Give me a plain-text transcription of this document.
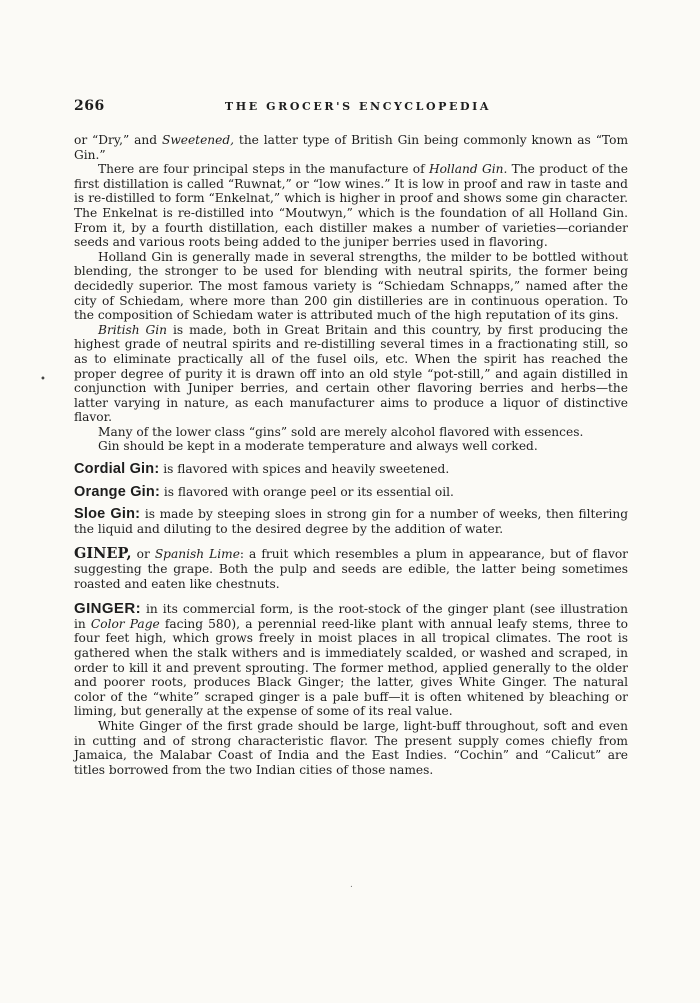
266	THE GROCER'S ENCYCLOPEDIA
•

or “Dry,” and Sweetened, the latter type of British Gin being commonly known as “Tom Gin.”

There are four principal steps in the manufacture of Holland Gin. The product of the first distillation is called “Ruwnat,” or “low wines.” It is low in proof and raw in taste and is re-distilled to form “Enkelnat,” which is higher in proof and shows some gin character. The Enkelnat is re-distilled into “Moutwyn,” which is the foundation of all Holland Gin. From it, by a fourth distillation, each distiller makes a number of varieties—coriander seeds and various roots being added to the juniper berries used in flavoring.

Holland Gin is generally made in several strengths, the milder to be bottled without blending, the stronger to be used for blending with neutral spirits, the former being decidedly superior. The most famous variety is “Schiedam Schnapps,” named after the city of Schiedam, where more than 200 gin distilleries are in continuous operation. To the composition of Schiedam water is attributed much of the high reputation of its gins.

British Gin is made, both in Great Britain and this country, by first producing the highest grade of neutral spirits and re-distilling several times in a fractionating still, so as to eliminate practically all of the fusel oils, etc. When the spirit has reached the proper degree of purity it is drawn off into an old style “pot-still,” and again distilled in conjunction with Juniper berries, and certain other flavoring berries and herbs—the latter varying in nature, as each manufacturer aims to produce a liquor of distinctive flavor.

Many of the lower class “gins” sold are merely alcohol flavored with essences.

Gin should be kept in a moderate temperature and always well corked.

Cordial Gin: is flavored with spices and heavily sweetened.

Orange Gin: is flavored with orange peel or its essential oil.

Sloe Gin: is made by steeping sloes in strong gin for a number of weeks, then filtering the liquid and diluting to the desired degree by the addition of water.

GINEP, or Spanish Lime: a fruit which resembles a plum in appearance, but of flavor suggesting the grape. Both the pulp and seeds are edible, the latter being sometimes roasted and eaten like chestnuts.

GINGER: in its commercial form, is the root-stock of the ginger plant (see illustration in Color Page facing 580), a perennial reed-like plant with annual leafy stems, three to four feet high, which grows freely in moist places in all tropical climates. The root is gathered when the stalk withers and is immediately scalded, or washed and scraped, in order to kill it and prevent sprouting. The former method, applied generally to the older and poorer roots, produces Black Ginger; the latter, gives White Ginger. The natural color of the “white” scraped ginger is a pale buff—it is often whitened by bleaching or liming, but generally at the expense of some of its real value.

White Ginger of the first grade should be large, light-buff throughout, soft and even in cutting and of strong characteristic flavor. The present supply comes chiefly from Jamaica, the Malabar Coast of India and the East Indies. “Cochin” and “Calicut” are titles borrowed from the two Indian cities of those names.

.
